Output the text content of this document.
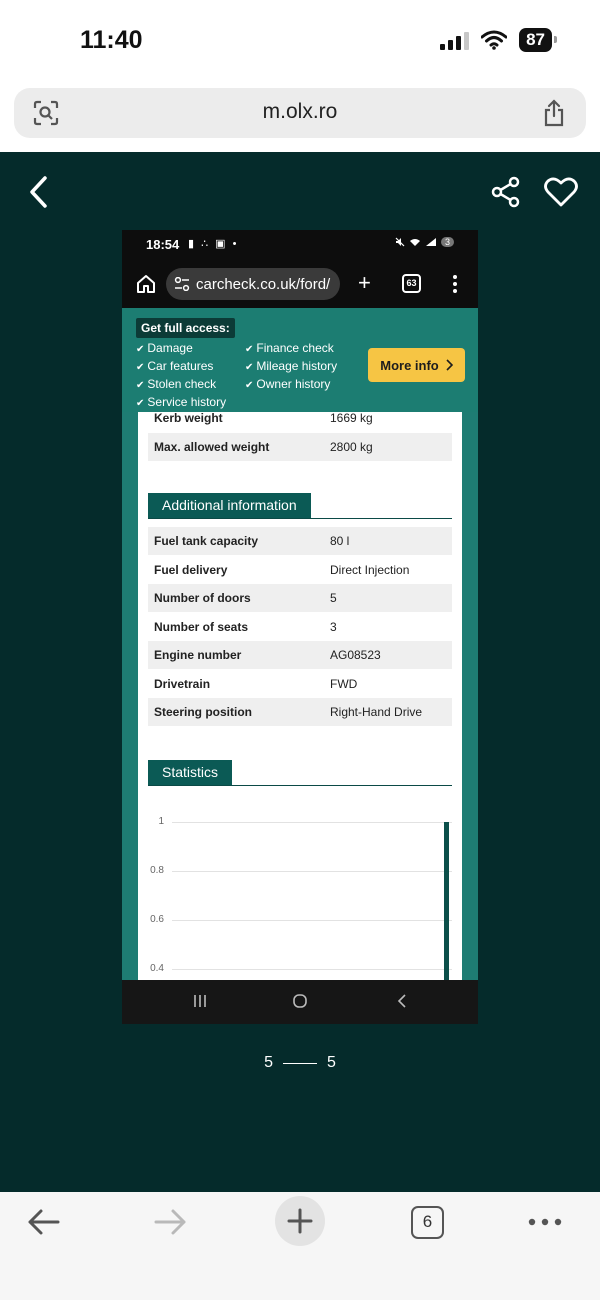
11:40	87
m.olx.ro
18:54 ▮ ∴ ▣ •	3
carcheck.co.uk/ford/ +	63
Get full access:
✔ Damage
✔ Car features
✔ Stolen check
✔ Service history
✔ Finance check
✔ Mileage history
✔ Owner history
More info
Kerb weight	1669 kg
Max. allowed weight	2800 kg
Additional information
Fuel tank capacity	80 l
Fuel delivery	Direct Injection
Number of doors	5
Number of seats	3
Engine number	AG08523
Drivetrain	FWD
Steering position	Right-Hand Drive
Statistics
1
0.8
0.6
0.4
5	5
6
